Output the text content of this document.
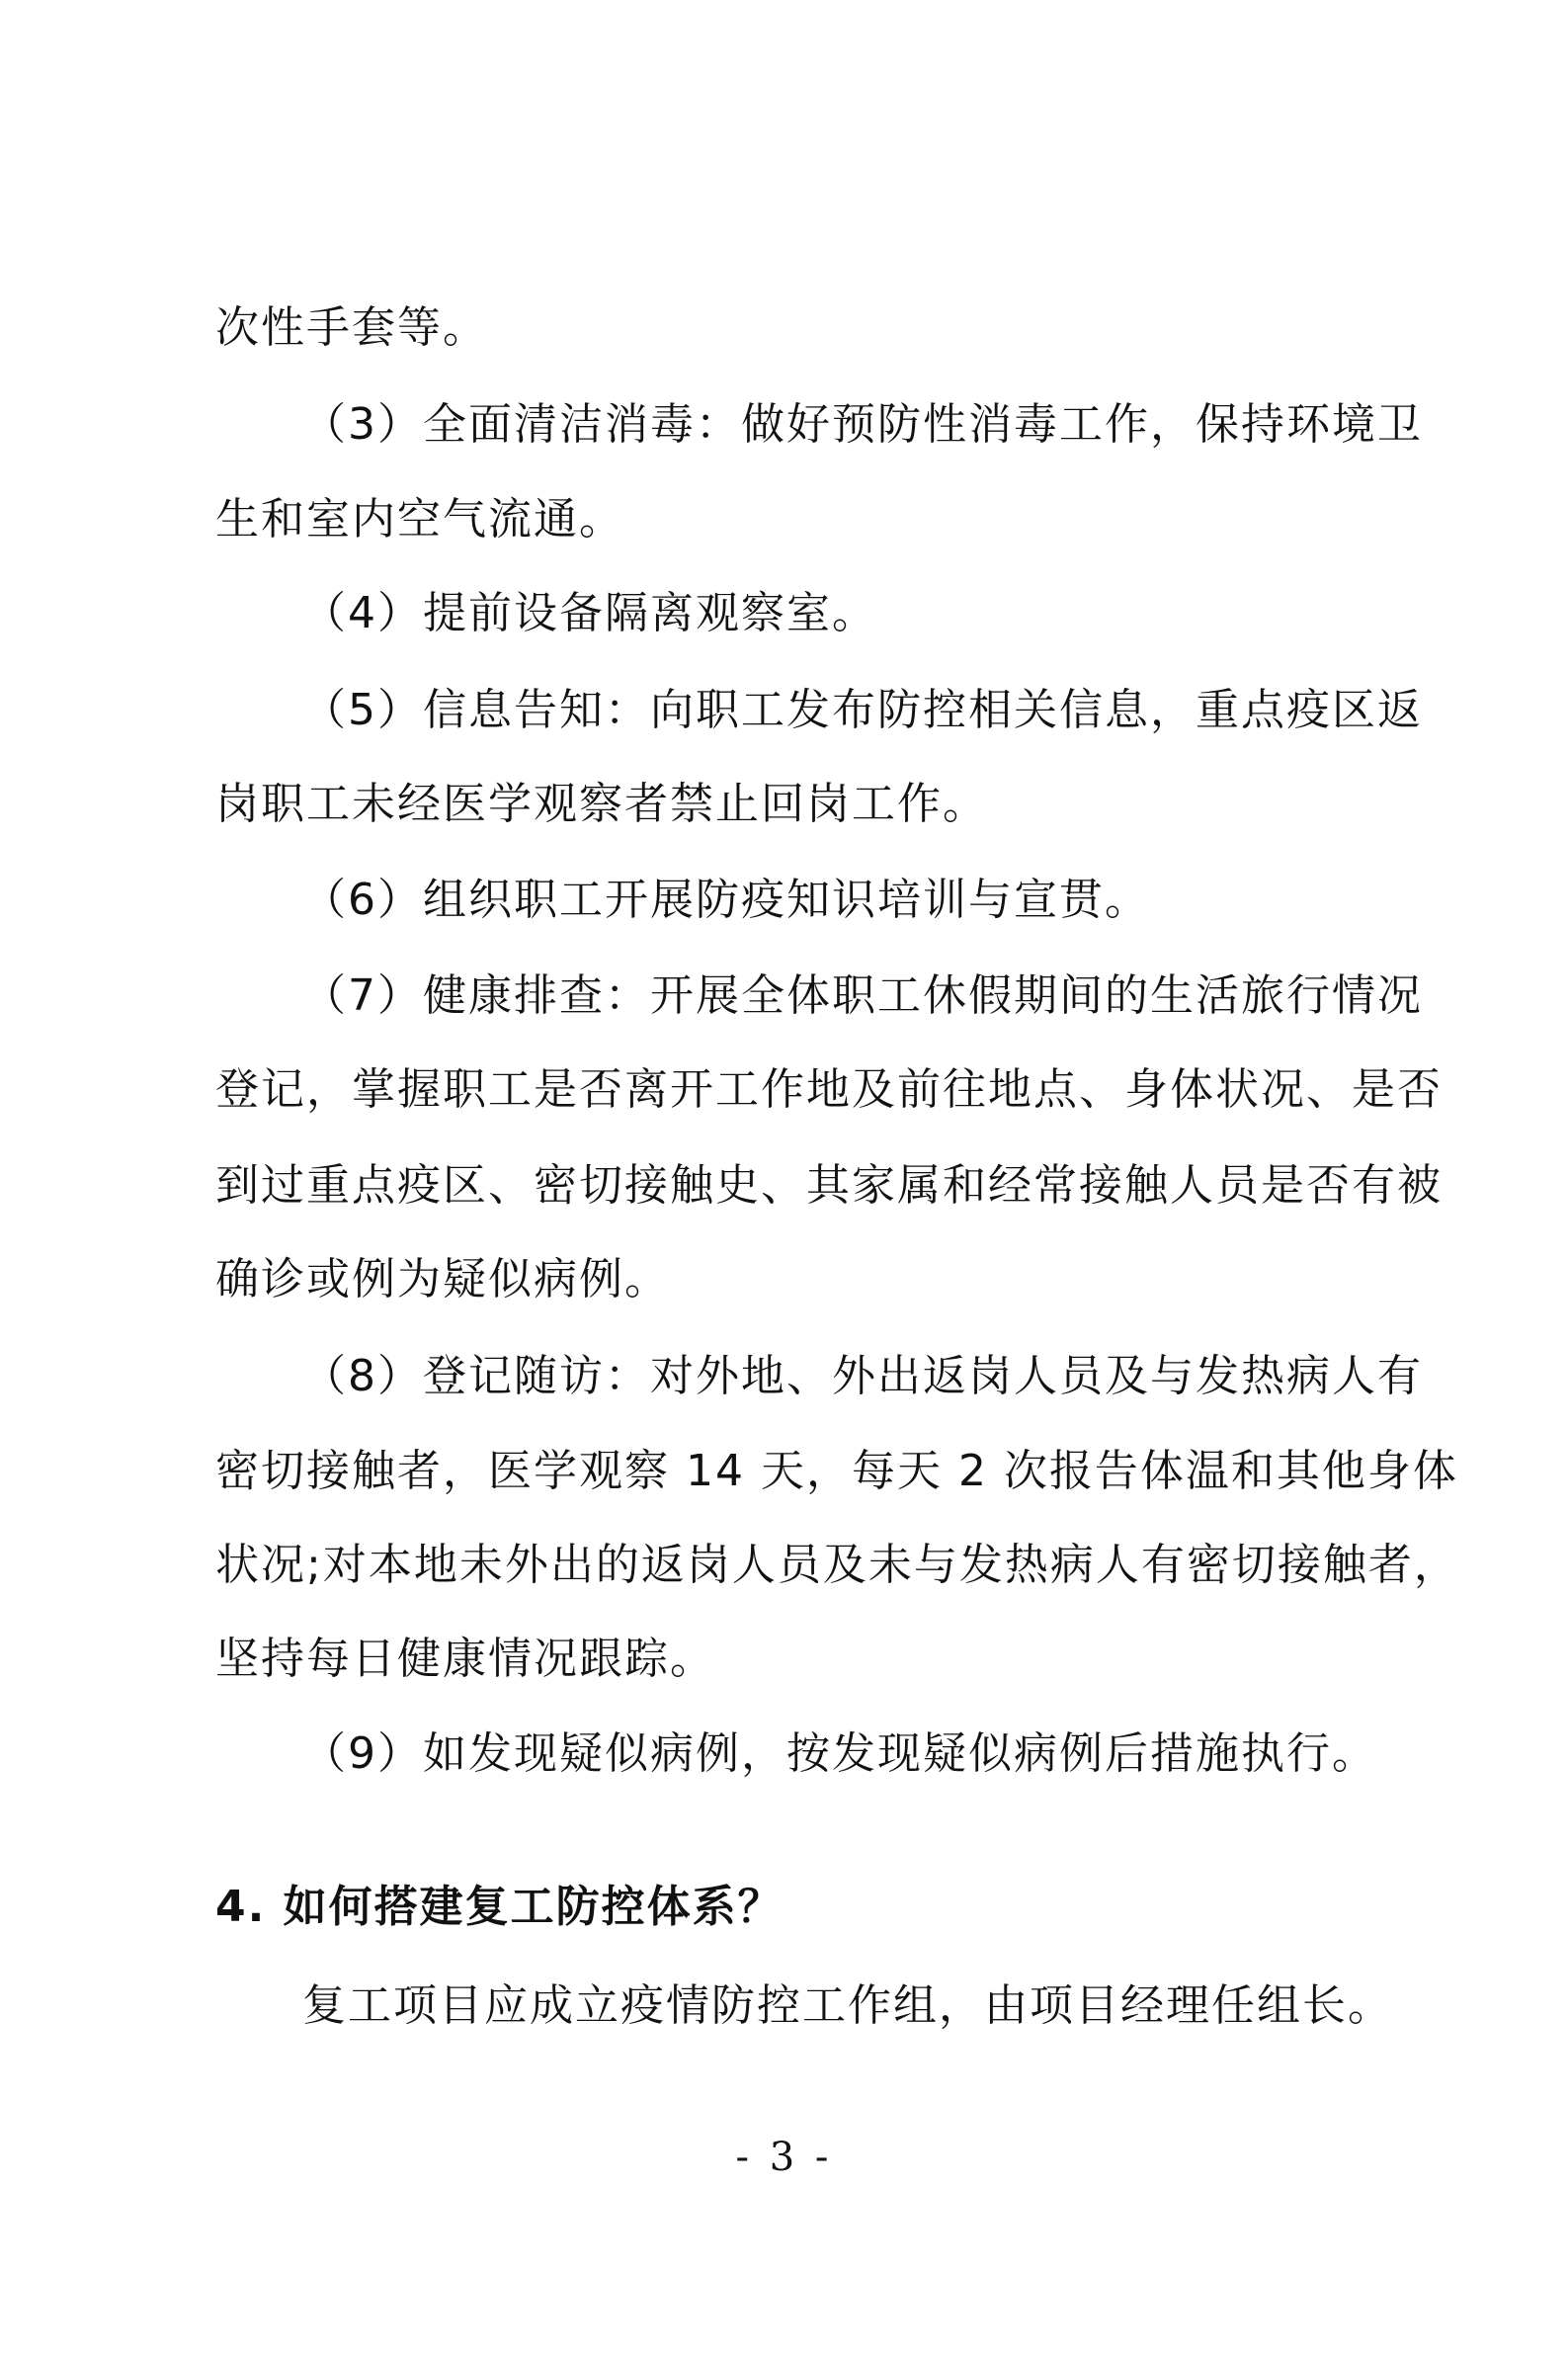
次性手套等。
（3）全面清洁消毒：做好预防性消毒工作，保持环境卫
生和室内空气流通。
（4）提前设备隔离观察室。
（5）信息告知：向职工发布防控相关信息，重点疫区返
岗职工未经医学观察者禁止回岗工作。
（6）组织职工开展防疫知识培训与宣贯。
（7）健康排查：开展全体职工休假期间的生活旅行情况
登记，掌握职工是否离开工作地及前往地点、身体状况、是否
到过重点疫区、密切接触史、其家属和经常接触人员是否有被
确诊或例为疑似病例。
（8）登记随访：对外地、外出返岗人员及与发热病人有
密切接触者，医学观察 14 天，每天 2 次报告体温和其他身体
状况;对本地未外出的返岗人员及未与发热病人有密切接触者，
坚持每日健康情况跟踪。
（9）如发现疑似病例，按发现疑似病例后措施执行。
4. 如何搭建复工防控体系？
复工项目应成立疫情防控工作组，由项目经理任组长。
- 3 -
